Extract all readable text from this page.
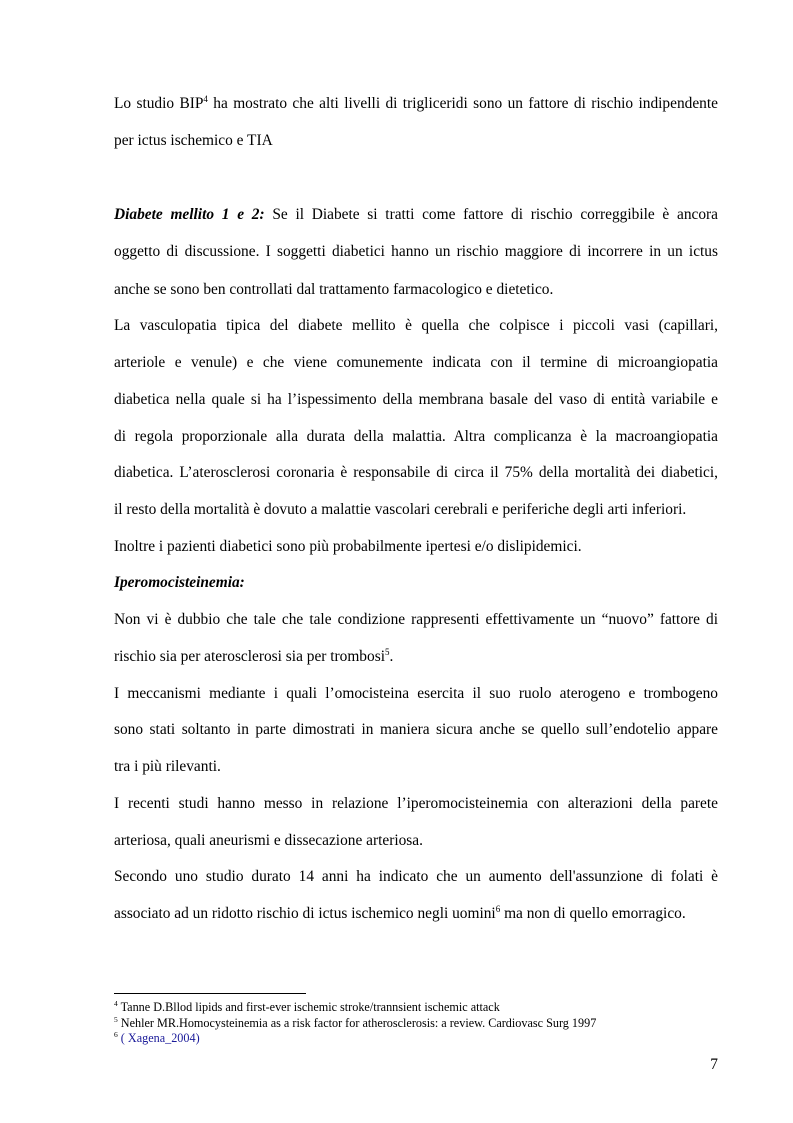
Lo studio BIP$^4$ ha mostrato che alti livelli di trigliceridi sono un fattore di rischio indipendente
per ictus ischemico e TIA
Diabete mellito 1 e 2: Se il Diabete si tratti come fattore di rischio correggibile è ancora
oggetto di discussione. I soggetti diabetici hanno un rischio maggiore di incorrere in un ictus
anche se sono ben controllati dal trattamento farmacologico e dietetico.
La vasculopatia tipica del diabete mellito è quella che colpisce i piccoli vasi (capillari,
arteriole e venule) e che viene comunemente indicata con il termine di microangiopatia
diabetica nella quale si ha l’ispessimento della membrana basale del vaso di entità variabile e
di regola proporzionale alla durata della malattia. Altra complicanza è la macroangiopatia
diabetica. L’aterosclerosi coronaria è responsabile di circa il 75% della mortalità dei diabetici,
il resto della mortalità è dovuto a malattie vascolari cerebrali e periferiche degli arti inferiori.
Inoltre i pazienti diabetici sono più probabilmente ipertesi e/o dislipidemici.
Iperomocisteinemia:
Non vi è dubbio che tale che tale condizione rappresenti effettivamente un “nuovo” fattore di
rischio sia per aterosclerosi sia per trombosi$^5$.
I meccanismi mediante i quali l’omocisteina esercita il suo ruolo aterogeno e trombogeno
sono stati soltanto in parte dimostrati in maniera sicura anche se quello sull’endotelio appare
tra i più rilevanti.
I recenti studi hanno messo in relazione l’iperomocisteinemia con alterazioni della parete
arteriosa, quali aneurismi e dissecazione arteriosa.
Secondo uno studio durato 14 anni ha indicato che un aumento dell'assunzione di folati è
associato ad un ridotto rischio di ictus ischemico negli uomini$^6$ ma non di quello emorragico.
$^4$ Tanne D.Bllod lipids and first-ever ischemic stroke/trannsient ischemic attack
$^5$ Nehler MR.Homocysteinemia as a risk factor for atherosclerosis: a review. Cardiovasc Surg 1997
$^6$ ( Xagena_2004)
7
